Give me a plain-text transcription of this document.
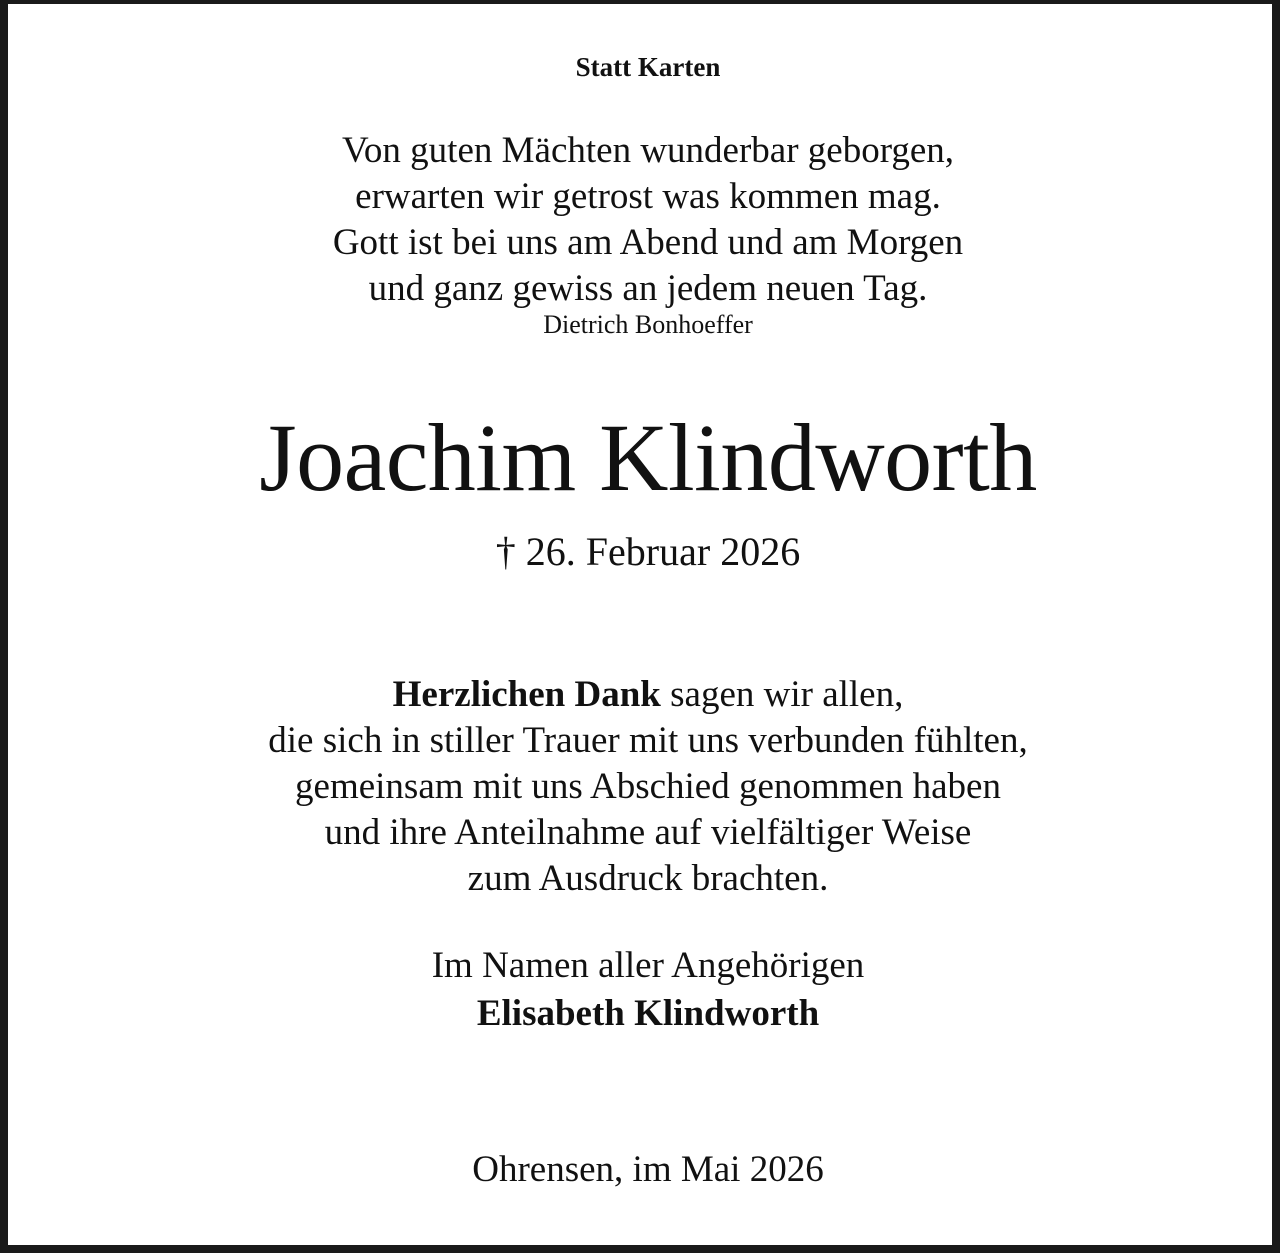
Statt Karten
Von guten Mächten wunderbar geborgen,
erwarten wir getrost was kommen mag.
Gott ist bei uns am Abend und am Morgen
und ganz gewiss an jedem neuen Tag.
Dietrich Bonhoeffer
Joachim Klindworth
† 26. Februar 2026
Herzlichen Dank sagen wir allen,
die sich in stiller Trauer mit uns verbunden fühlten,
gemeinsam mit uns Abschied genommen haben
und ihre Anteilnahme auf vielfältiger Weise
zum Ausdruck brachten.
Im Namen aller Angehörigen
Elisabeth Klindworth
Ohrensen, im Mai 2026
